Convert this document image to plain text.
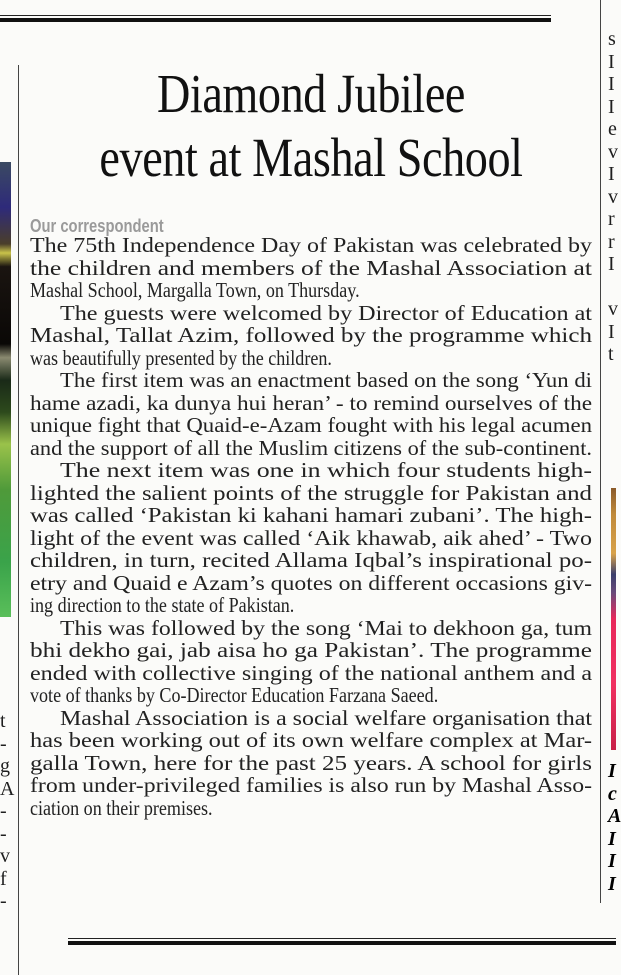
t
-
g
A
-
-
v
f
-
s
I
I
I
e
v
I
v
r
r
I
v
I
t
I
c
A
I
I
I
Diamond Jubilee
event at Mashal School
Our correspondent
The 75th Independence Day of Pakistan was celebrated by
the children and members of the Mashal Association at
Mashal School, Margalla Town, on Thursday.
The guests were welcomed by Director of Education at
Mashal, Tallat Azim, followed by the programme which
was beautifully presented by the children.
The first item was an enactment based on the song ‘Yun di
hame azadi, ka dunya hui heran’ - to remind ourselves of the
unique fight that Quaid-e-Azam fought with his legal acumen
and the support of all the Muslim citizens of the sub-continent.
The next item was one in which four students high-
lighted the salient points of the struggle for Pakistan and
was called ‘Pakistan ki kahani hamari zubani’. The high-
light of the event was called ‘Aik khawab, aik ahed’ - Two
children, in turn, recited Allama Iqbal’s inspirational po-
etry and Quaid e Azam’s quotes on different occasions giv-
ing direction to the state of Pakistan.
This was followed by the song ‘Mai to dekhoon ga, tum
bhi dekho gai, jab aisa ho ga Pakistan’. The programme
ended with collective singing of the national anthem and a
vote of thanks by Co-Director Education Farzana Saeed.
Mashal Association is a social welfare organisation that
has been working out of its own welfare complex at Mar-
galla Town, here for the past 25 years. A school for girls
from under-privileged families is also run by Mashal Asso-
ciation on their premises.
